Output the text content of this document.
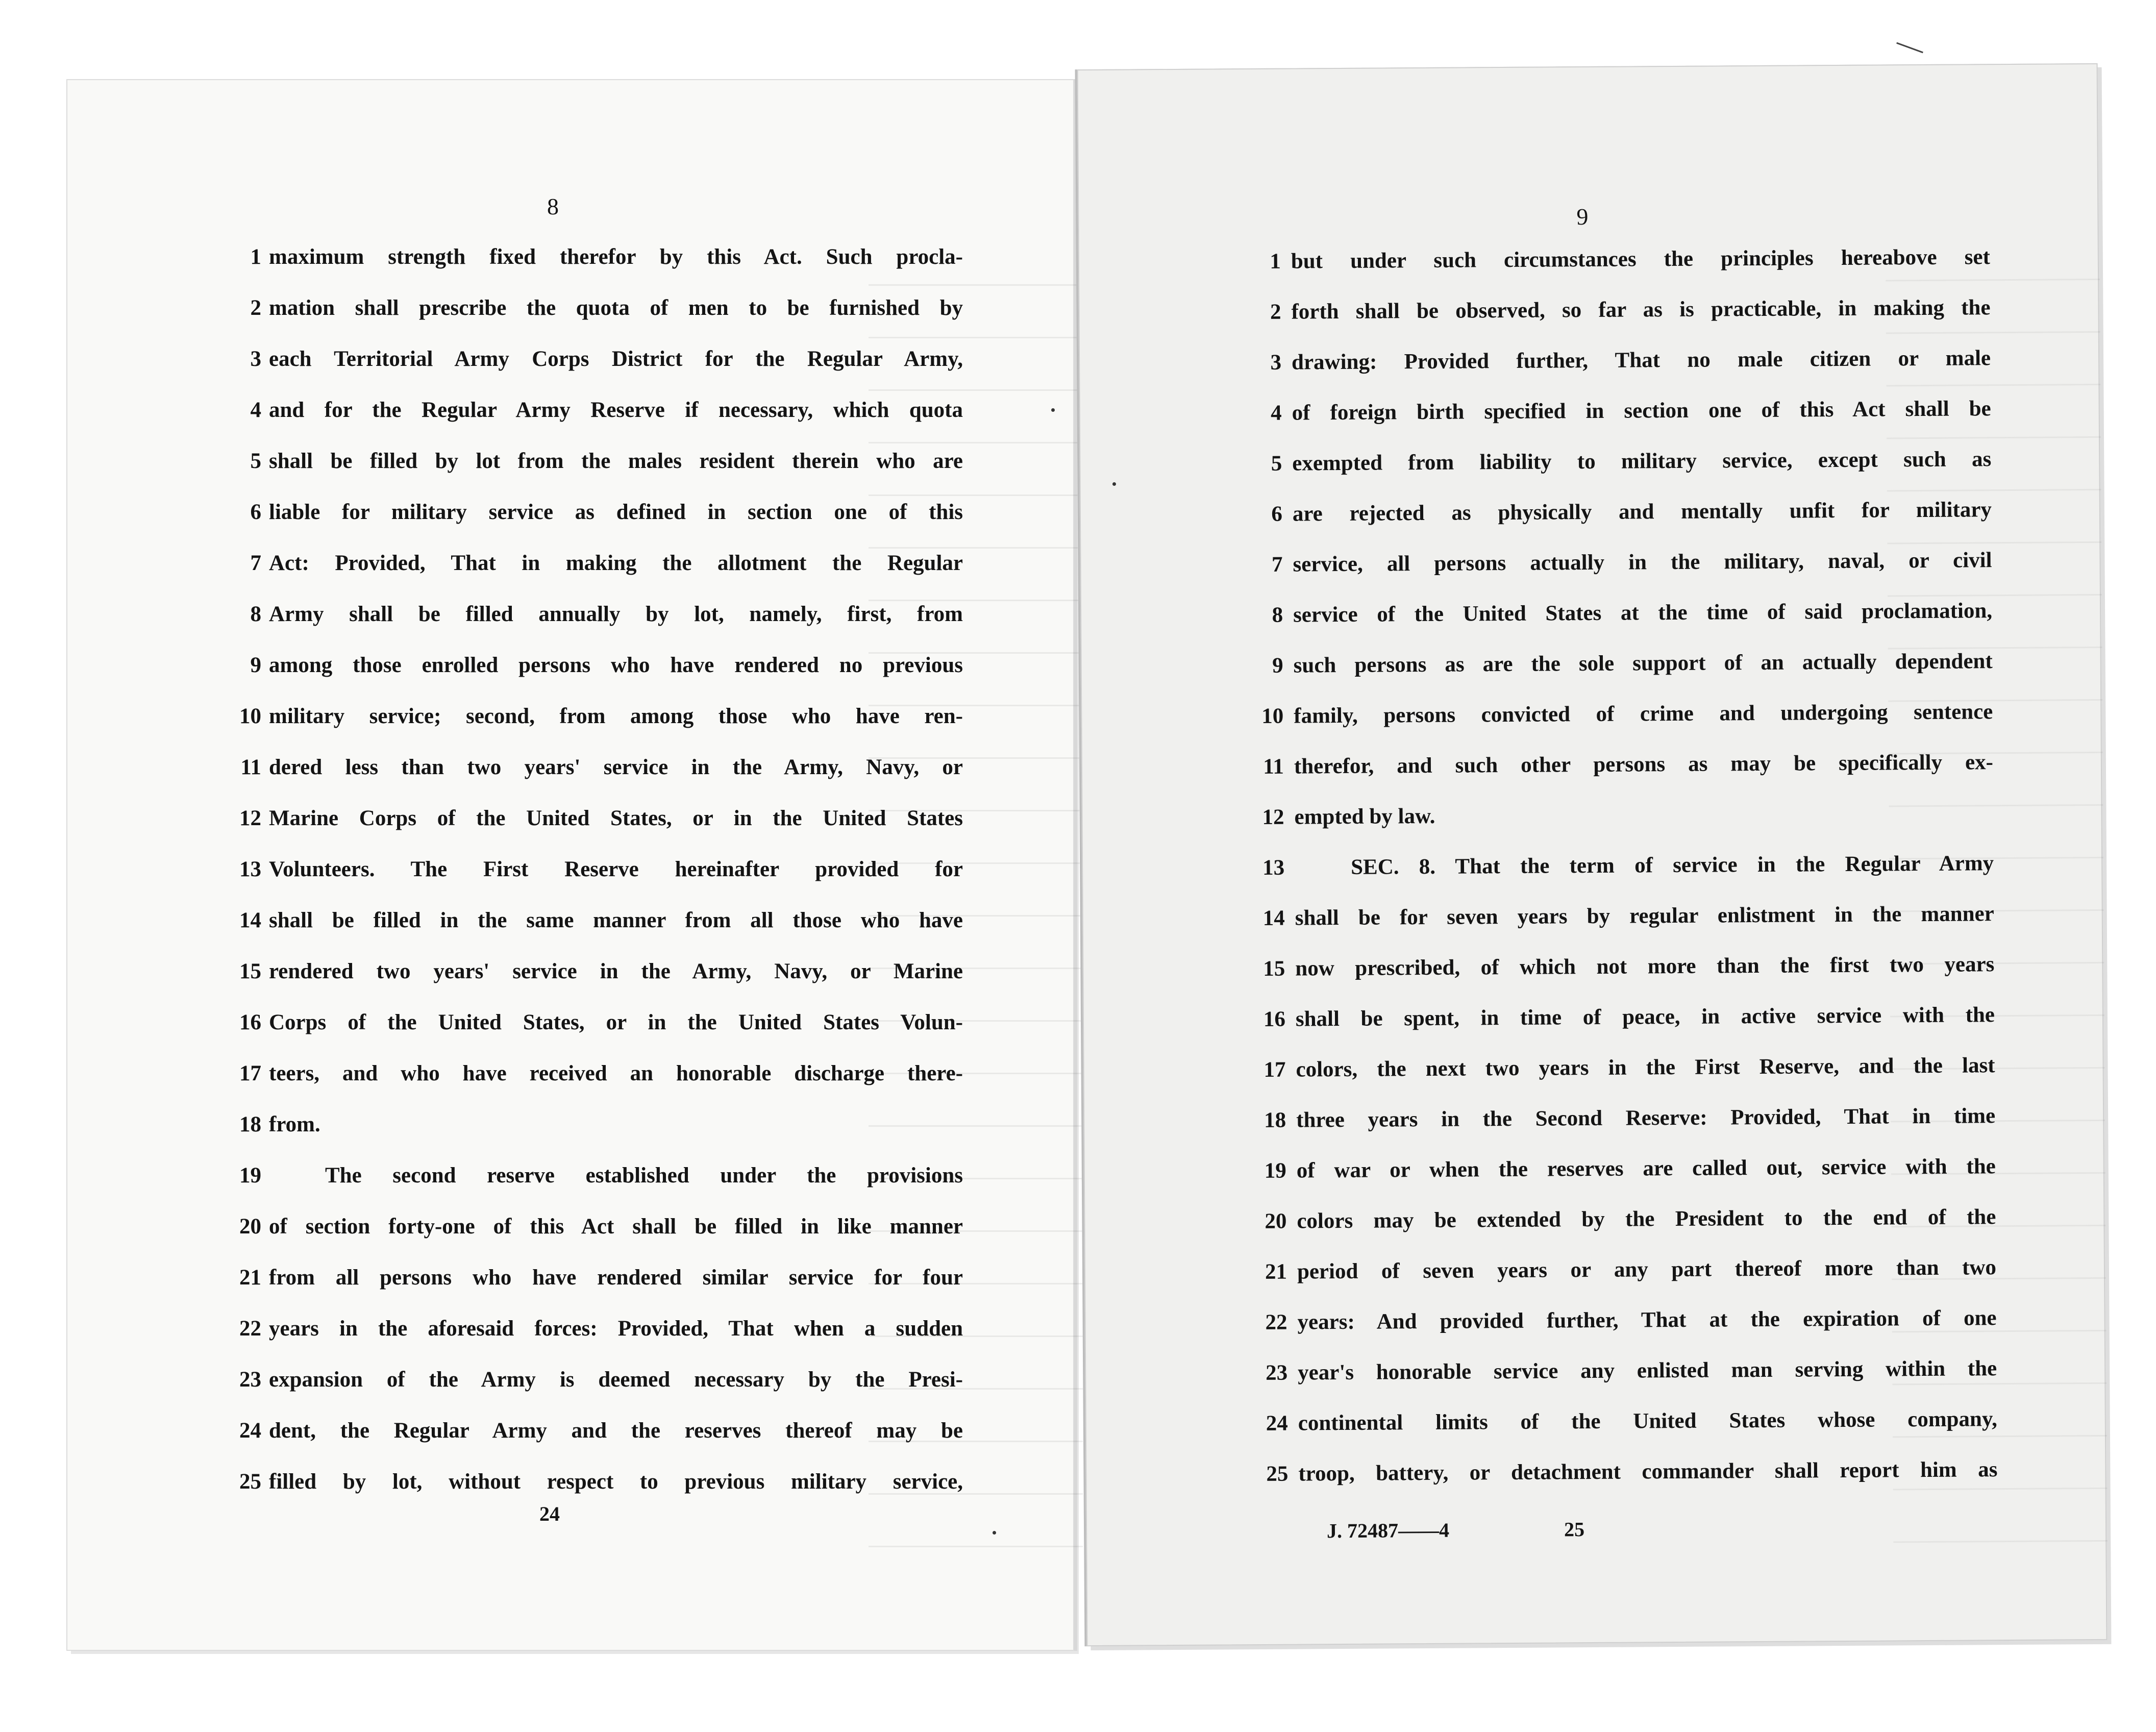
8
1 maximum strength fixed therefor by this Act. Such procla-
2 mation shall prescribe the quota of men to be furnished by
3 each Territorial Army Corps District for the Regular Army,
4 and for the Regular Army Reserve if necessary, which quota
5 shall be filled by lot from the males resident therein who are
6 liable for military service as defined in section one of this
7 Act: Provided, That in making the allotment the Regular
8 Army shall be filled annually by lot, namely, first, from
9 among those enrolled persons who have rendered no previous
10 military service; second, from among those who have ren-
11 dered less than two years' service in the Army, Navy, or
12 Marine Corps of the United States, or in the United States
13 Volunteers. The First Reserve hereinafter provided for
14 shall be filled in the same manner from all those who have
15 rendered two years' service in the Army, Navy, or Marine
16 Corps of the United States, or in the United States Volun-
17 teers, and who have received an honorable discharge there-
18 from.
19	The second reserve established under the provisions
20 of section forty-one of this Act shall be filled in like manner
21 from all persons who have rendered similar service for four
22 years in the aforesaid forces: Provided, That when a sudden
23 expansion of the Army is deemed necessary by the Presi-
24 dent, the Regular Army and the reserves thereof may be
25 filled by lot, without respect to previous military service,
24
9
1 but under such circumstances the principles hereabove set
2 forth shall be observed, so far as is practicable, in making the
3 drawing: Provided further, That no male citizen or male
4 of foreign birth specified in section one of this Act shall be
5 exempted from liability to military service, except such as
6 are rejected as physically and mentally unfit for military
7 service, all persons actually in the military, naval, or civil
8 service of the United States at the time of said proclamation,
9 such persons as are the sole support of an actually dependent
10 family, persons convicted of crime and undergoing sentence
11 therefor, and such other persons as may be specifically ex-
12 empted by law.
13	SEC. 8. That the term of service in the Regular Army
14 shall be for seven years by regular enlistment in the manner
15 now prescribed, of which not more than the first two years
16 shall be spent, in time of peace, in active service with the
17 colors, the next two years in the First Reserve, and the last
18 three years in the Second Reserve: Provided, That in time
19 of war or when the reserves are called out, service with the
20 colors may be extended by the President to the end of the
21 period of seven years or any part thereof more than two
22 years: And provided further, That at the expiration of one
23 year's honorable service any enlisted man serving within the
24 continental limits of the United States whose company,
25 troop, battery, or detachment commander shall report him as
J. 72487——4	25
